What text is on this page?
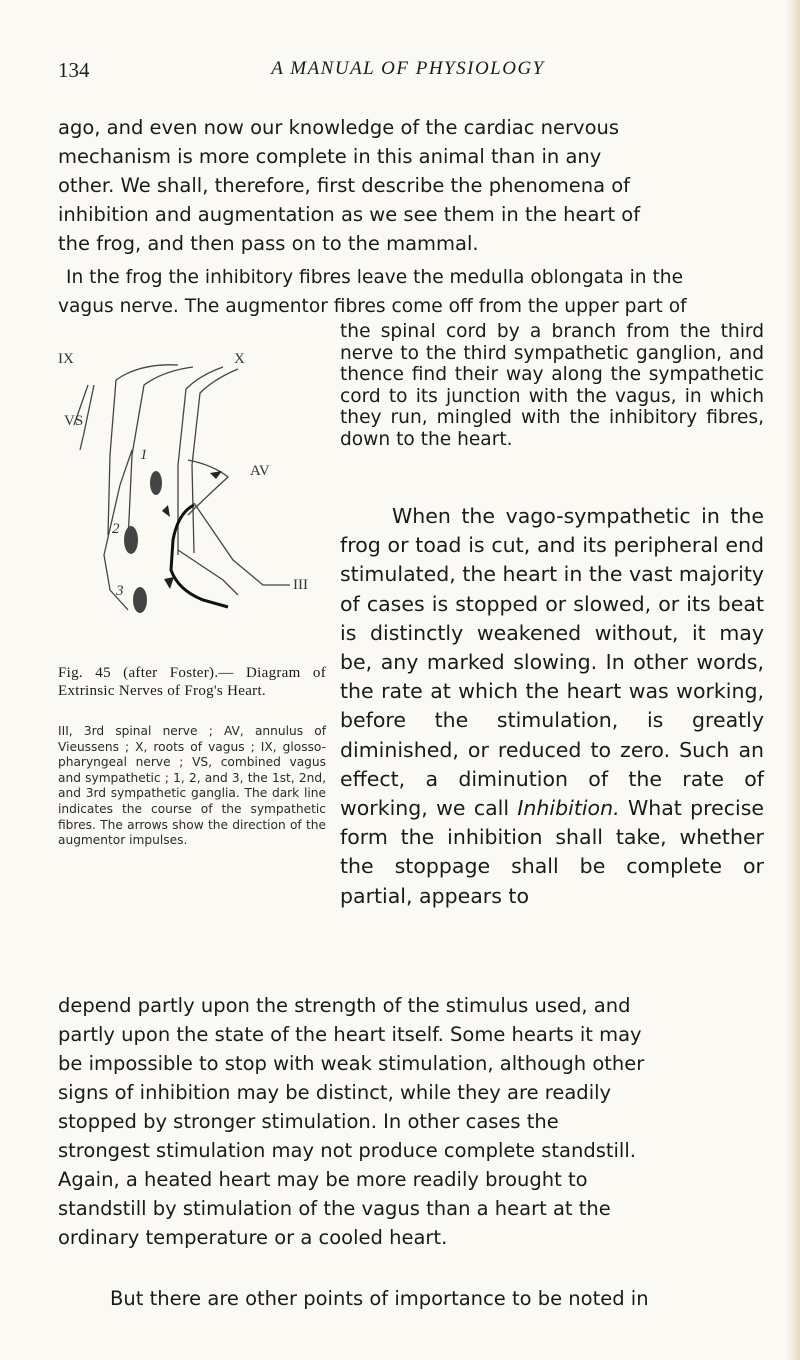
134	A MANUAL OF PHYSIOLOGY

ago, and even now our knowledge of the cardiac nervous
mechanism is more complete in this animal than in any
other. We shall, therefore, first describe the phenomena of
inhibition and augmentation as we see them in the heart of
the frog, and then pass on to the mammal.

In the frog the inhibitory fibres leave the medulla oblongata in the
vagus nerve. The augmentor fibres come off from the upper part of

the spinal cord by a branch from the third nerve to the third sympathetic ganglion, and thence find their way along the sympathetic cord to its junction with the vagus, in which they run, mingled with the inhibitory fibres, down to the heart.

When the vago-sympathetic in the frog or toad is cut, and its peripheral end stimulated, the heart in the vast majority of cases is stopped or slowed, or its beat is distinctly weakened without, it may be, any marked slowing. In other words, the rate at which the heart was working, before the stimulation, is greatly diminished, or reduced to zero. Such an effect, a diminution of the rate of working, we call Inhibition. What precise form the inhibition shall take, whether the stoppage shall be complete or partial, appears to

depend partly upon the strength of the stimulus used, and
partly upon the state of the heart itself. Some hearts it may
be impossible to stop with weak stimulation, although other
signs of inhibition may be distinct, while they are readily
stopped by stronger stimulation. In other cases the
strongest stimulation may not produce complete standstill.
Again, a heated heart may be more readily brought to
standstill by stimulation of the vagus than a heart at the
ordinary temperature or a cooled heart.

But there are other points of importance to be noted in

IX	X
VS
AV
1
2
3	III
Fig. 45 (after Foster).— Diagram of Extrinsic Nerves of Frog's Heart.
III, 3rd spinal nerve ; AV, annulus of Vieussens ; X, roots of vagus ; IX, glosso-pharyngeal nerve ; VS, combined vagus and sympathetic ; 1, 2, and 3, the 1st, 2nd, and 3rd sympathetic ganglia. The dark line indicates the course of the sympathetic fibres. The arrows show the direction of the augmentor impulses.
